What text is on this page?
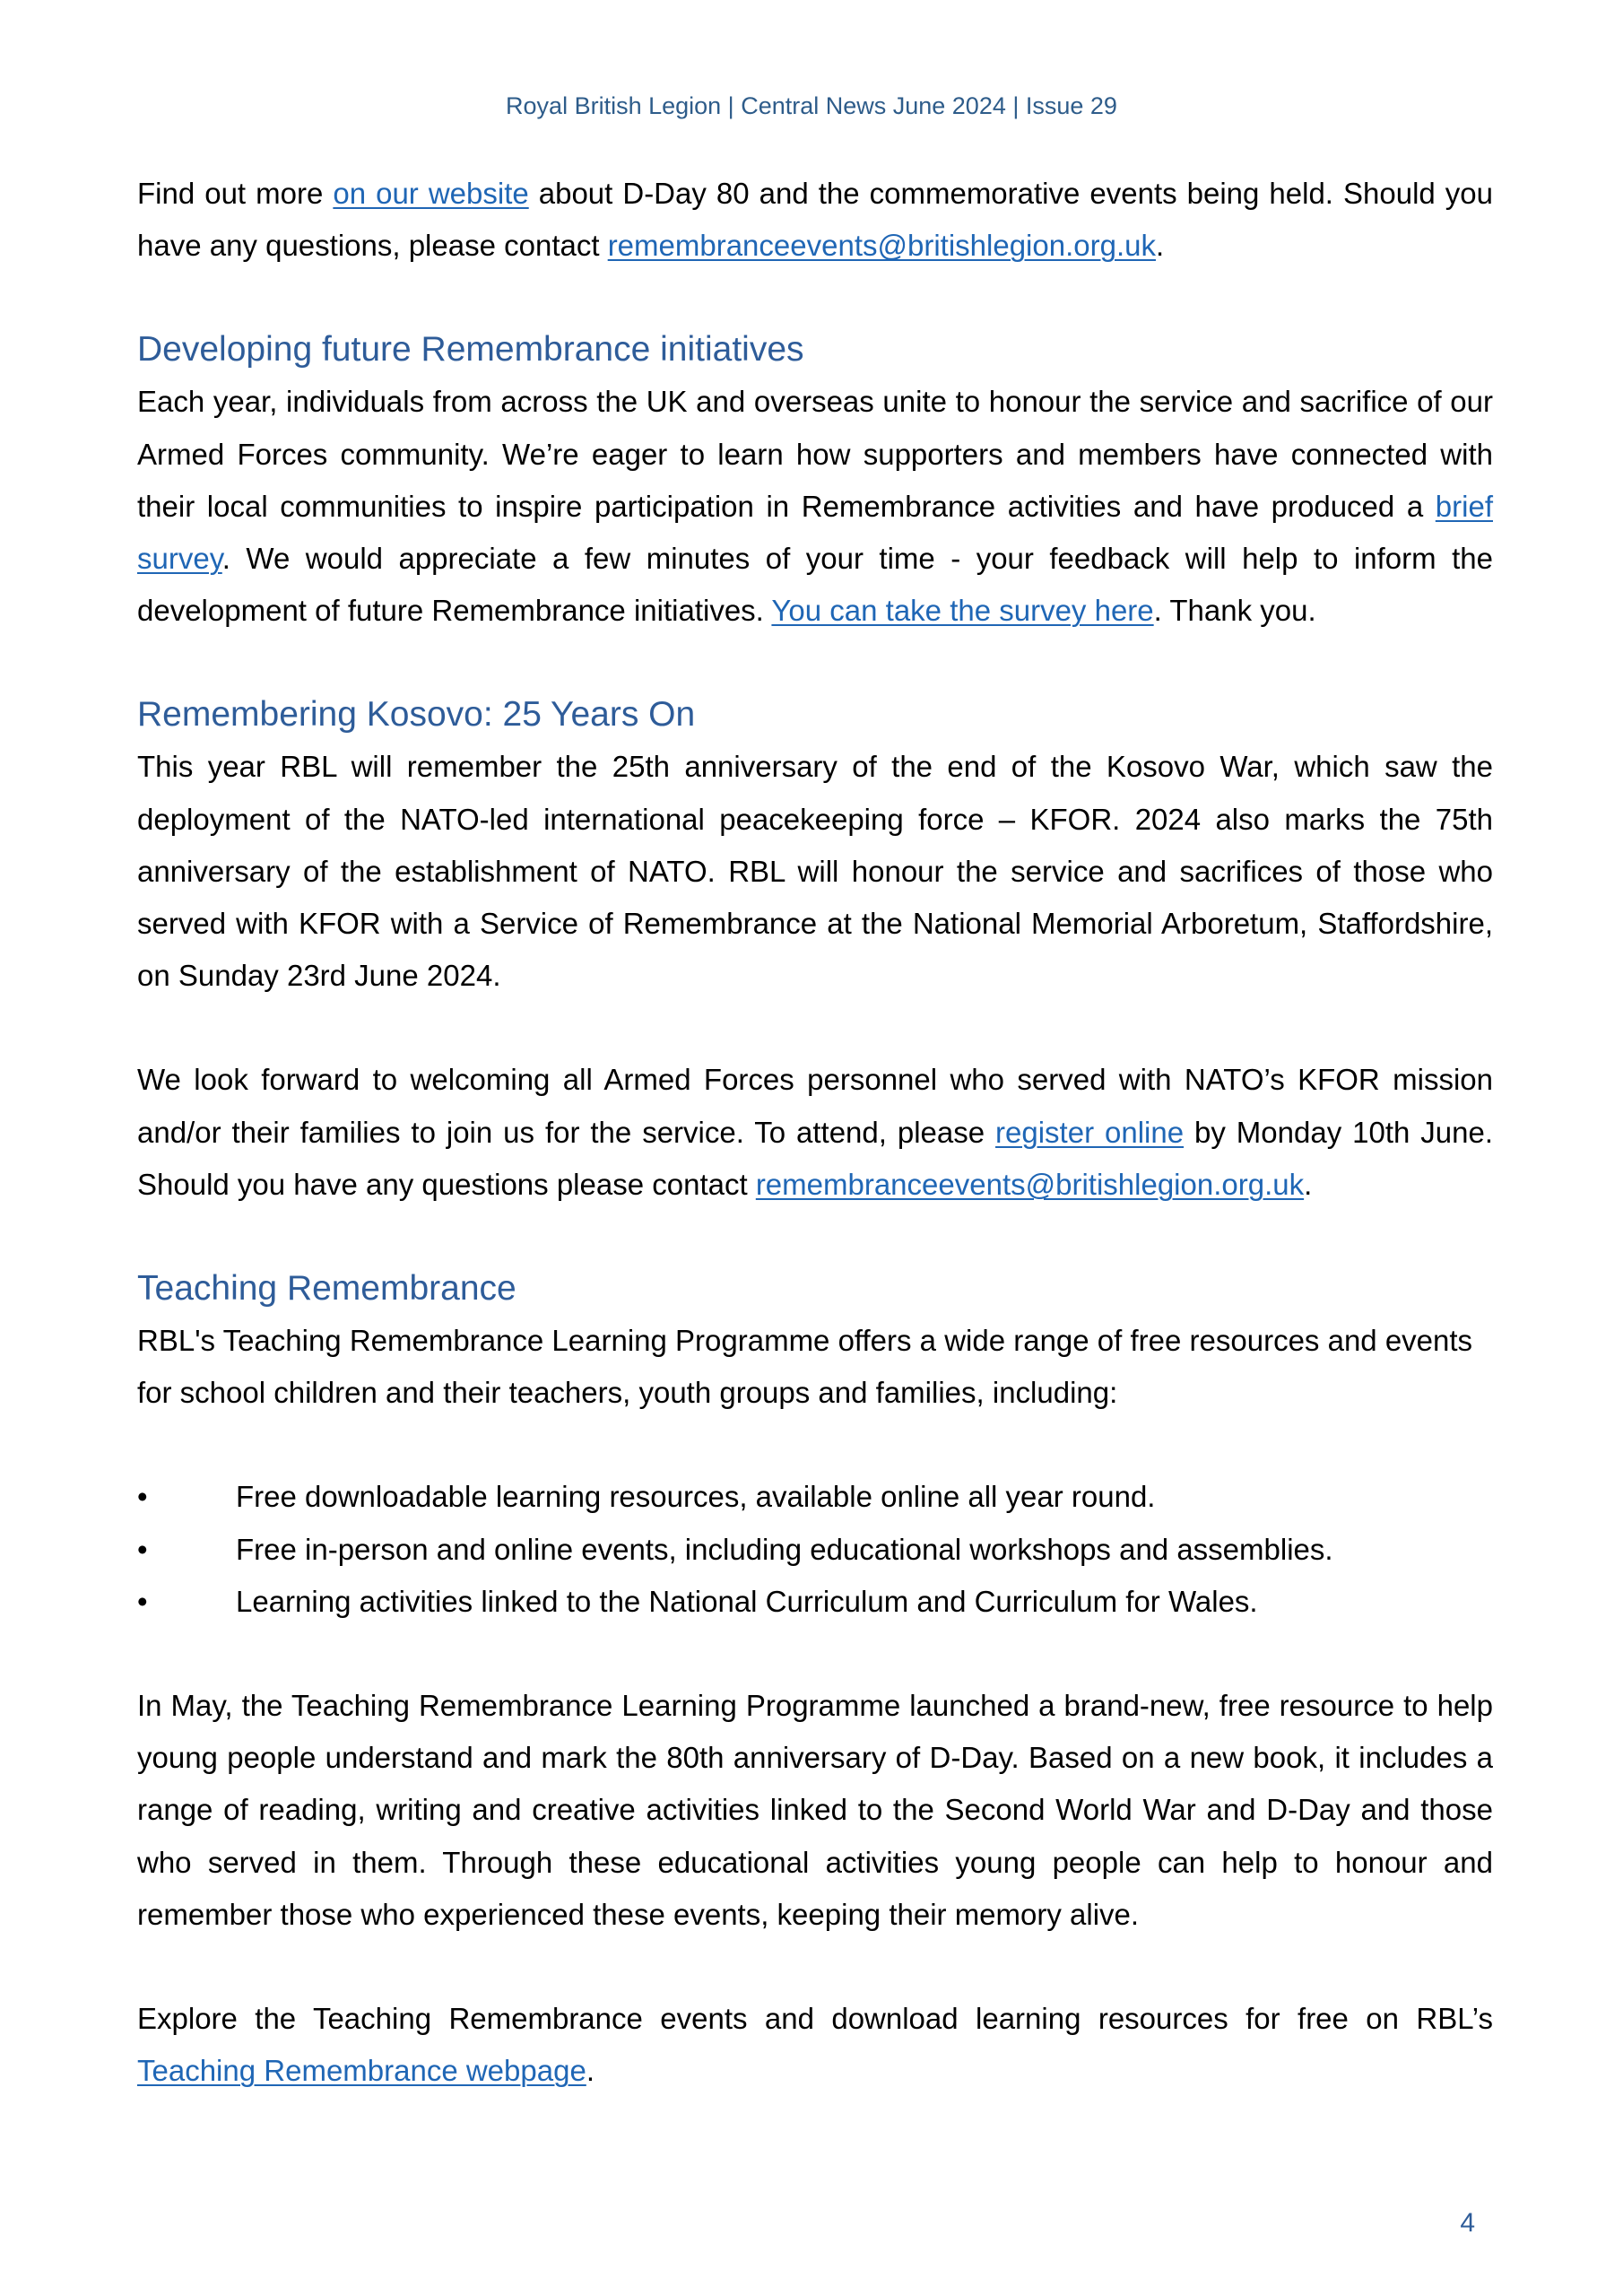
Royal British Legion | Central News June 2024 | Issue 29

Find out more on our website about D-Day 80 and the commemorative events being held. Should you have any questions, please contact remembranceevents@britishlegion.org.uk.

Developing future Remembrance initiatives

Each year, individuals from across the UK and overseas unite to honour the service and sacrifice of our Armed Forces community. We’re eager to learn how supporters and members have connected with their local communities to inspire participation in Remembrance activities and have produced a brief survey. We would appreciate a few minutes of your time - your feedback will help to inform the development of future Remembrance initiatives. You can take the survey here. Thank you.

Remembering Kosovo: 25 Years On

This year RBL will remember the 25th anniversary of the end of the Kosovo War, which saw the deployment of the NATO-led international peacekeeping force – KFOR. 2024 also marks the 75th anniversary of the establishment of NATO. RBL will honour the service and sacrifices of those who served with KFOR with a Service of Remembrance at the National Memorial Arboretum, Staffordshire, on Sunday 23rd June 2024.

We look forward to welcoming all Armed Forces personnel who served with NATO’s KFOR mission and/or their families to join us for the service. To attend, please register online by Monday 10th June. Should you have any questions please contact remembranceevents@britishlegion.org.uk.

Teaching Remembrance

RBL's Teaching Remembrance Learning Programme offers a wide range of free resources and events for school children and their teachers, youth groups and families, including:

•	Free downloadable learning resources, available online all year round.
•	Free in-person and online events, including educational workshops and assemblies.
•	Learning activities linked to the National Curriculum and Curriculum for Wales.

In May, the Teaching Remembrance Learning Programme launched a brand-new, free resource to help young people understand and mark the 80th anniversary of D-Day. Based on a new book, it includes a range of reading, writing and creative activities linked to the Second World War and D-Day and those who served in them. Through these educational activities young people can help to honour and remember those who experienced these events, keeping their memory alive.

Explore the Teaching Remembrance events and download learning resources for free on RBL’s Teaching Remembrance webpage.

4
